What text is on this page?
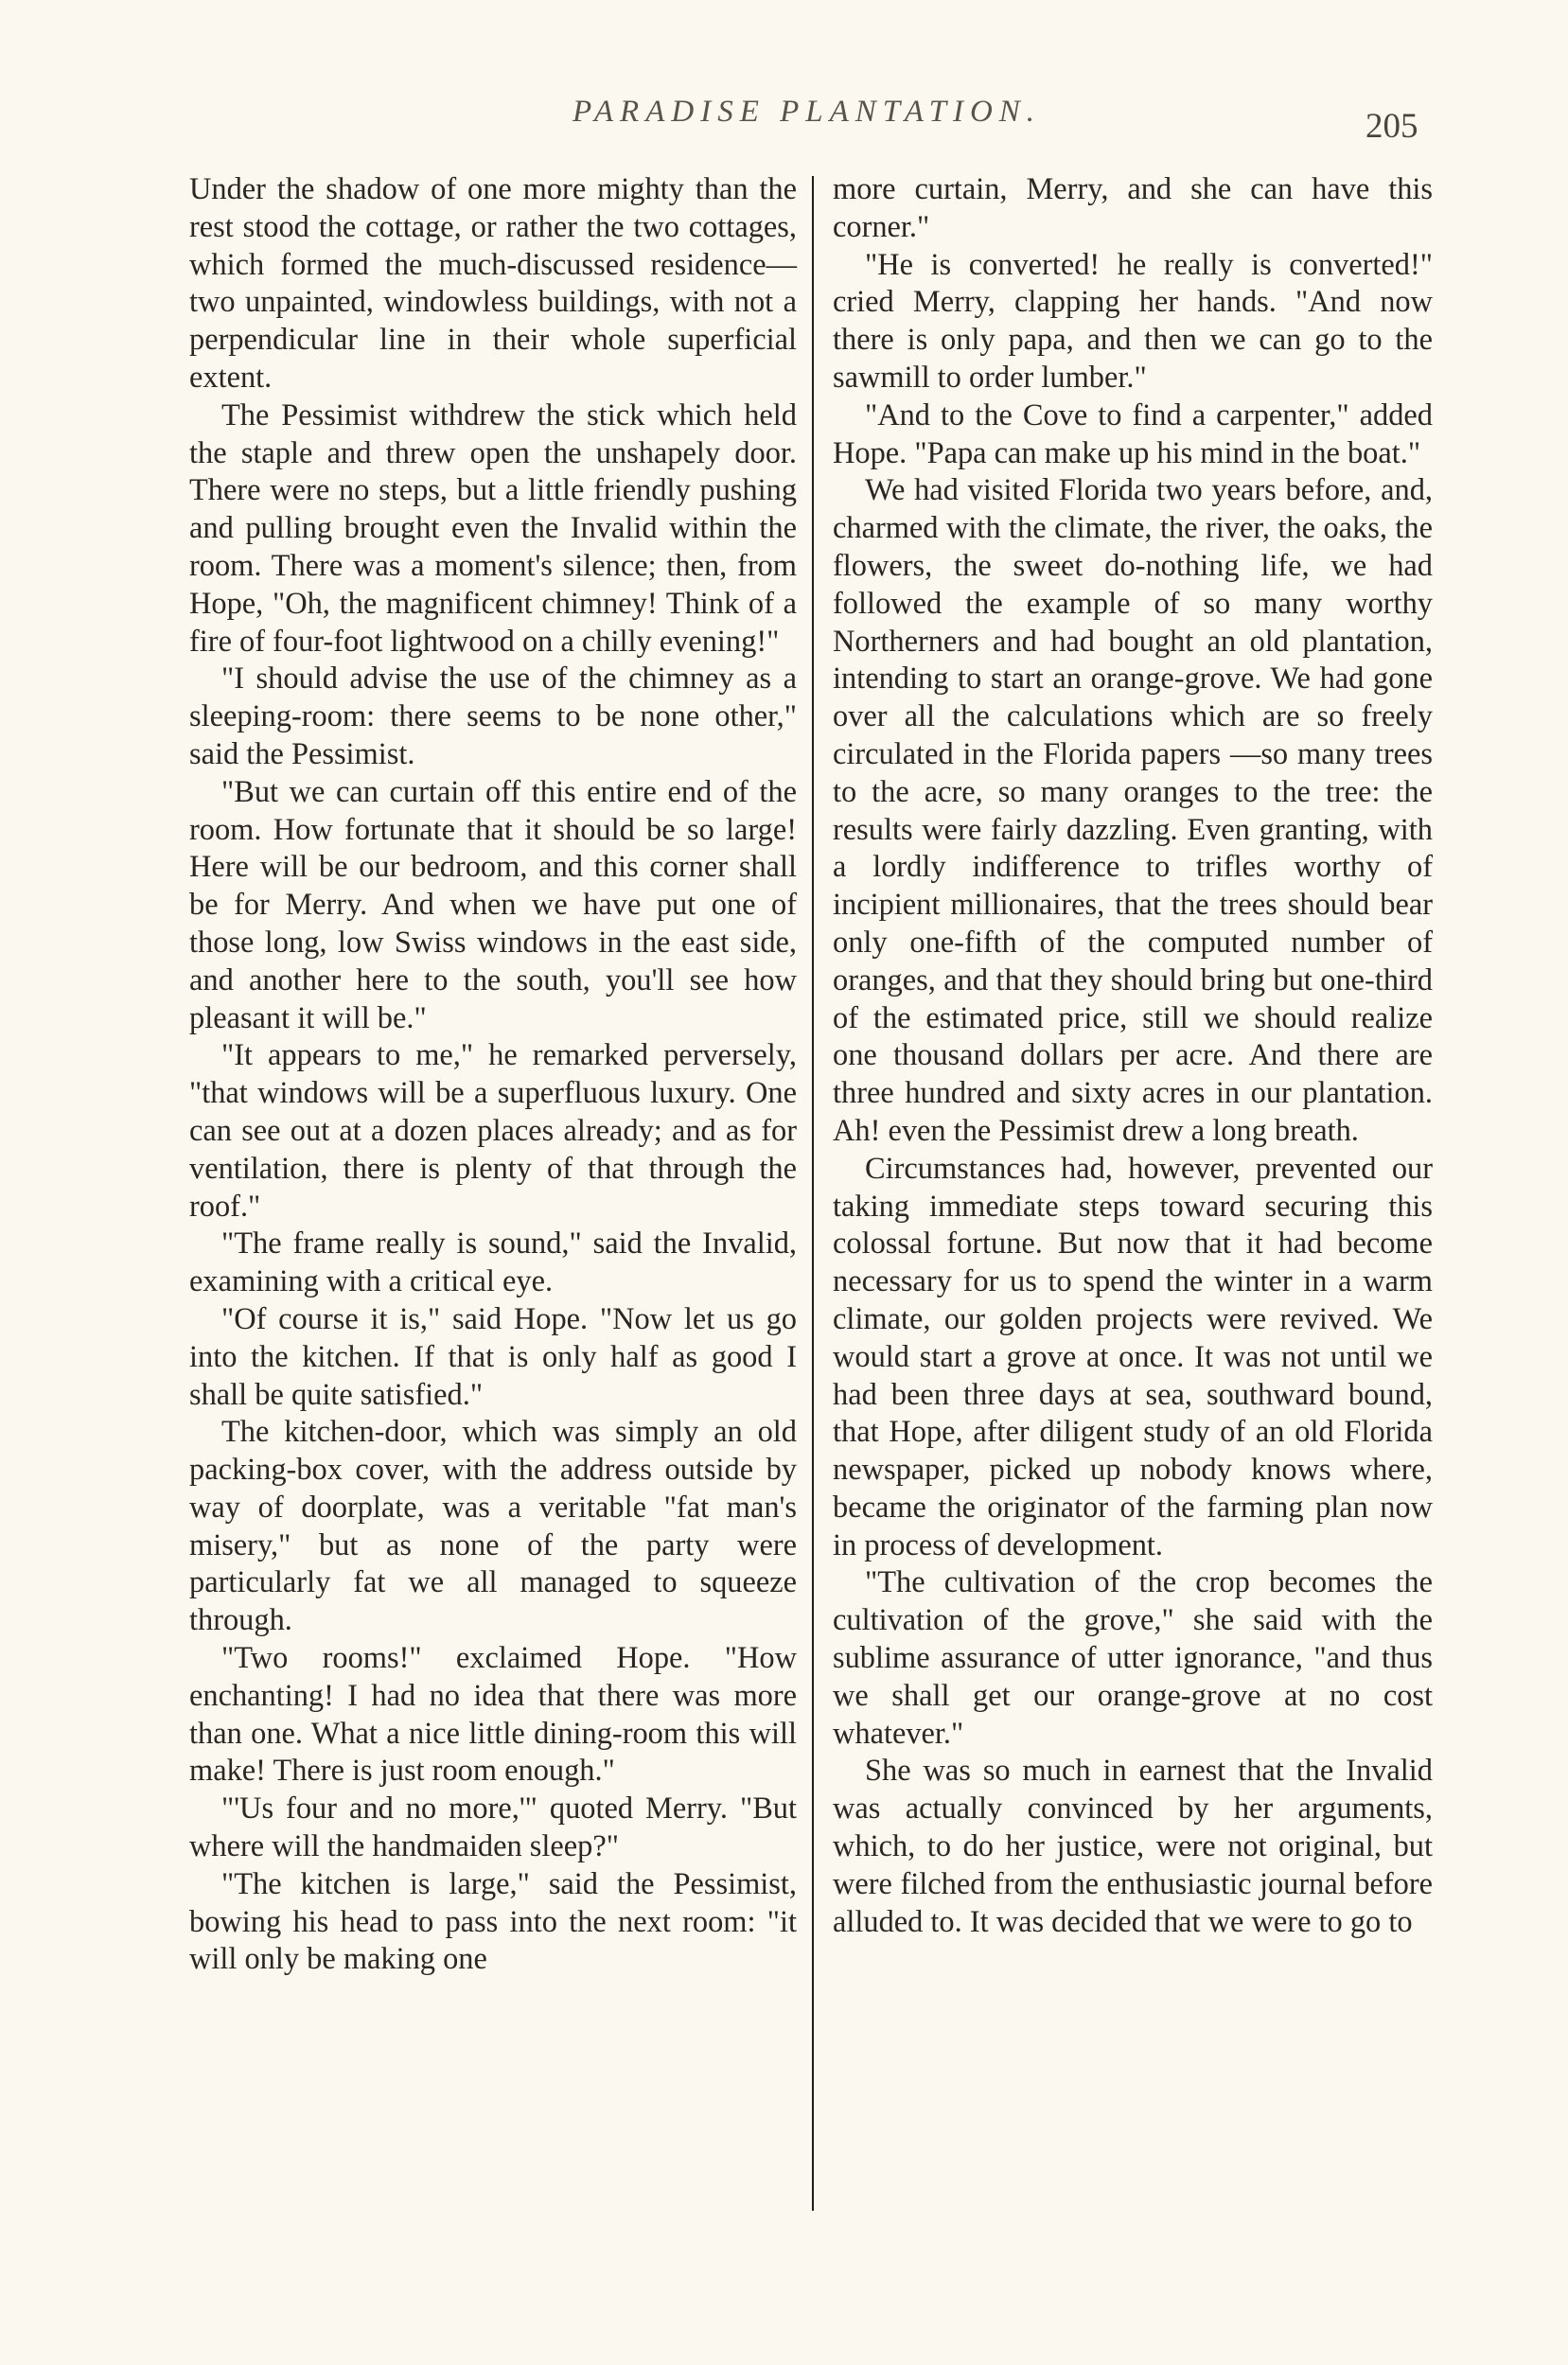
PARADISE PLANTATION.	205

Under the shadow of one more mighty than the rest stood the cottage, or rather the two cottages, which formed the much-discussed residence—two unpainted, windowless buildings, with not a perpendicular line in their whole superficial extent.

The Pessimist withdrew the stick which held the staple and threw open the unshapely door. There were no steps, but a little friendly pushing and pulling brought even the Invalid within the room. There was a moment's silence; then, from Hope, "Oh, the magnificent chimney! Think of a fire of four-foot lightwood on a chilly evening!"

"I should advise the use of the chimney as a sleeping-room: there seems to be none other," said the Pessimist.

"But we can curtain off this entire end of the room. How fortunate that it should be so large! Here will be our bedroom, and this corner shall be for Merry. And when we have put one of those long, low Swiss windows in the east side, and another here to the south, you'll see how pleasant it will be."

"It appears to me," he remarked perversely, "that windows will be a superfluous luxury. One can see out at a dozen places already; and as for ventilation, there is plenty of that through the roof."

"The frame really is sound," said the Invalid, examining with a critical eye.

"Of course it is," said Hope. "Now let us go into the kitchen. If that is only half as good I shall be quite satisfied."

The kitchen-door, which was simply an old packing-box cover, with the address outside by way of doorplate, was a veritable "fat man's misery," but as none of the party were particularly fat we all managed to squeeze through.

"Two rooms!" exclaimed Hope. "How enchanting! I had no idea that there was more than one. What a nice little dining-room this will make! There is just room enough."

"'Us four and no more,'" quoted Merry. "But where will the handmaiden sleep?"

"The kitchen is large," said the Pessimist, bowing his head to pass into the next room: "it will only be making one

more curtain, Merry, and she can have this corner."

"He is converted! he really is converted!" cried Merry, clapping her hands. "And now there is only papa, and then we can go to the sawmill to order lumber."

"And to the Cove to find a carpenter," added Hope. "Papa can make up his mind in the boat."

We had visited Florida two years before, and, charmed with the climate, the river, the oaks, the flowers, the sweet do-nothing life, we had followed the example of so many worthy Northerners and had bought an old plantation, intending to start an orange-grove. We had gone over all the calculations which are so freely circulated in the Florida papers —so many trees to the acre, so many oranges to the tree: the results were fairly dazzling. Even granting, with a lordly indifference to trifles worthy of incipient millionaires, that the trees should bear only one-fifth of the computed number of oranges, and that they should bring but one-third of the estimated price, still we should realize one thousand dollars per acre. And there are three hundred and sixty acres in our plantation. Ah! even the Pessimist drew a long breath.

Circumstances had, however, prevented our taking immediate steps toward securing this colossal fortune. But now that it had become necessary for us to spend the winter in a warm climate, our golden projects were revived. We would start a grove at once. It was not until we had been three days at sea, southward bound, that Hope, after diligent study of an old Florida newspaper, picked up nobody knows where, became the originator of the farming plan now in process of development.

"The cultivation of the crop becomes the cultivation of the grove," she said with the sublime assurance of utter ignorance, "and thus we shall get our orange-grove at no cost whatever."

She was so much in earnest that the Invalid was actually convinced by her arguments, which, to do her justice, were not original, but were filched from the enthusiastic journal before alluded to. It was decided that we were to go to
